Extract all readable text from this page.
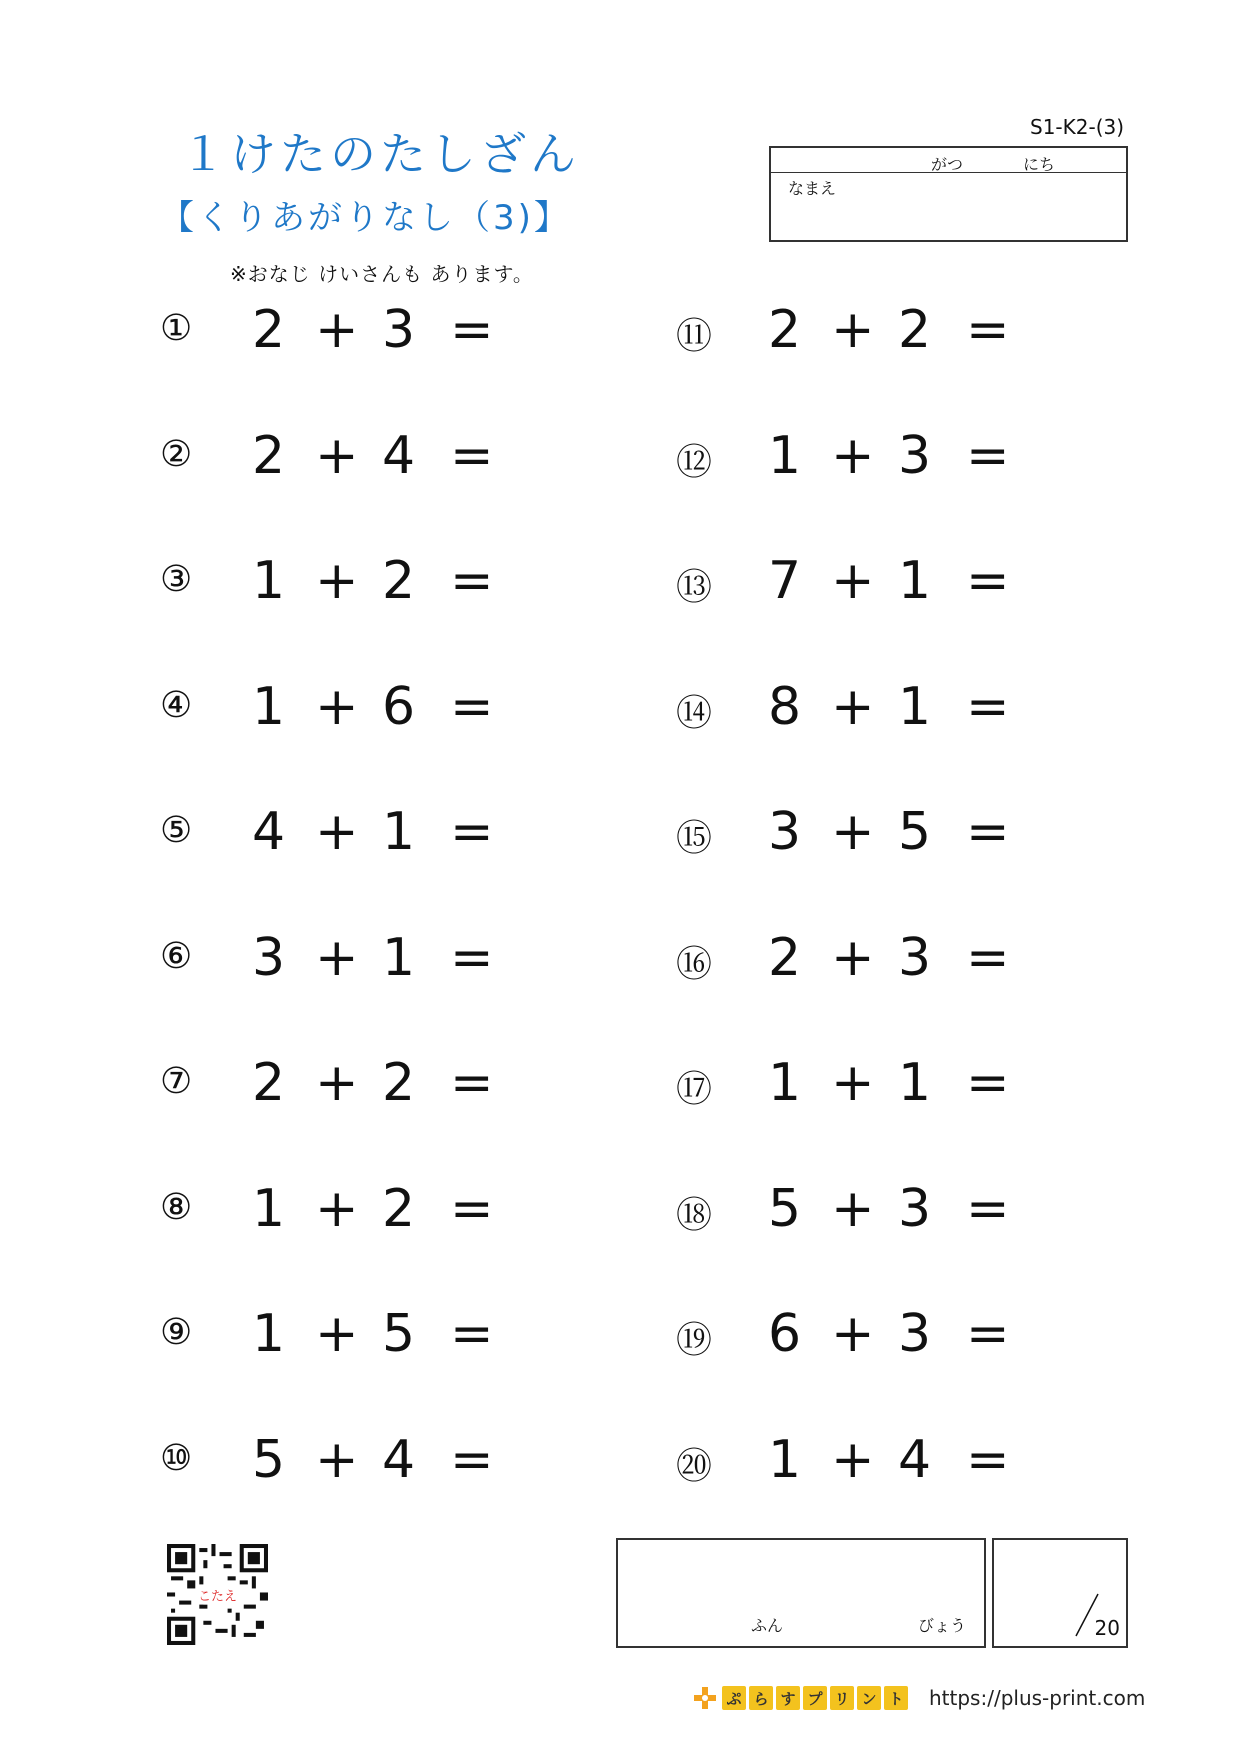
１けたのたしざん
【くりあがりなし（3)】
※おなじ けいさんも あります。
S1-K2-(3)
がつ	にち
なまえ
①	2 + 3 =
②	2 + 4 =
③	1 + 2 =
④	1 + 6 =
⑤	4 + 1 =
⑥	3 + 1 =
⑦	2 + 2 =
⑧	1 + 2 =
⑨	1 + 5 =
⑩	5 + 4 =
⑪	2 + 2 =
⑫	1 + 3 =
⑬	7 + 1 =
⑭	8 + 1 =
⑮	3 + 5 =
⑯	2 + 3 =
⑰	1 + 1 =
⑱	5 + 3 =
⑲	6 + 3 =
⑳	1 + 4 =
こたえ
ふん	びょう	20
ぷ ら す プ リ ン ト https://plus-print.com
